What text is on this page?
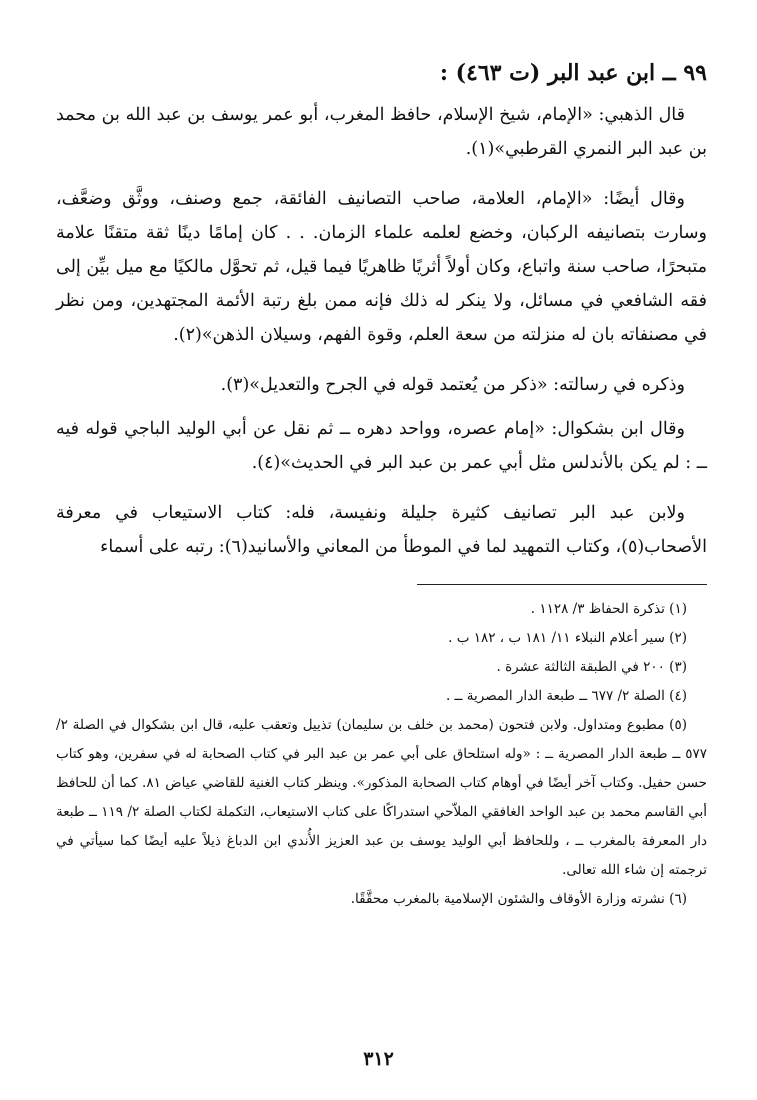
٩٩ ــ ابن عبد البر (ت ٤٦٣) :

قال الذهبي: «الإمام، شيخ الإسلام، حافظ المغرب، أبو عمر يوسف بن عبد الله بن محمد بن عبد البر النمري القرطبي»(١).

وقال أيضًا: «الإمام، العلامة، صاحب التصانيف الفائقة، جمع وصنف، ووثَّق وضعَّف، وسارت بتصانيفه الركبان، وخضع لعلمه علماء الزمان. . . كان إمامًا دينًا ثقة متقنًا علامة متبحرًا، صاحب سنة واتباع، وكان أولاً أثريًا ظاهريًا فيما قيل، ثم تحوَّل مالكيًا مع ميل بيِّن إلى فقه الشافعي في مسائل، ولا ينكر له ذلك فإنه ممن بلغ رتبة الأئمة المجتهدين، ومن نظر في مصنفاته بان له منزلته من سعة العلم، وقوة الفهم، وسيلان الذهن»(٢).

وذكره في رسالته: «ذكر من يُعتمد قوله في الجرح والتعديل»(٣).

وقال ابن بشكوال: «إمام عصره، وواحد دهره ــ ثم نقل عن أبي الوليد الباجي قوله فيه ــ : لم يكن بالأندلس مثل أبي عمر بن عبد البر في الحديث»(٤).

ولابن عبد البر تصانيف كثيرة جليلة ونفيسة، فله: كتاب الاستيعاب في معرفة الأصحاب(٥)، وكتاب التمهيد لما في الموطأ من المعاني والأسانيد(٦): رتبه على أسماء

(١) تذكرة الحفاظ ٣/ ١١٢٨ .

(٢) سير أعلام النبلاء ١١/ ١٨١ ب ، ١٨٢ ب .

(٣) ٢٠٠ في الطبقة الثالثة عشرة .

(٤) الصلة ٢/ ٦٧٧ ــ طبعة الدار المصرية ــ .

(٥) مطبوع ومتداول. ولابن فتحون (محمد بن خلف بن سليمان) تذييل وتعقب عليه، قال ابن بشكوال في الصلة ٢/ ٥٧٧ ــ طبعة الدار المصرية ــ : «وله استلحاق على أبي عمر بن عبد البر في كتاب الصحابة له في سفرين، وهو كتاب حسن حفيل. وكتاب آخر أيضًا في أوهام كتاب الصحابة المذكور». وينظر كتاب الغنية للقاضي عياض ٨١. كما أن للحافظ أبي القاسم محمد بن عبد الواحد الغافقي الملاّحي استدراكًا على كتاب الاستيعاب، التكملة لكتاب الصلة ٢/ ١١٩ ــ طبعة دار المعرفة بالمغرب ــ ، وللحافظ أبي الوليد يوسف بن عبد العزيز الأُندي ابن الدباغ ذيلاً عليه أيضًا كما سيأتي في ترجمته إن شاء الله تعالى.

(٦) نشرته وزارة الأوقاف والشئون الإسلامية بالمغرب محقَّقًا.

٣١٢
